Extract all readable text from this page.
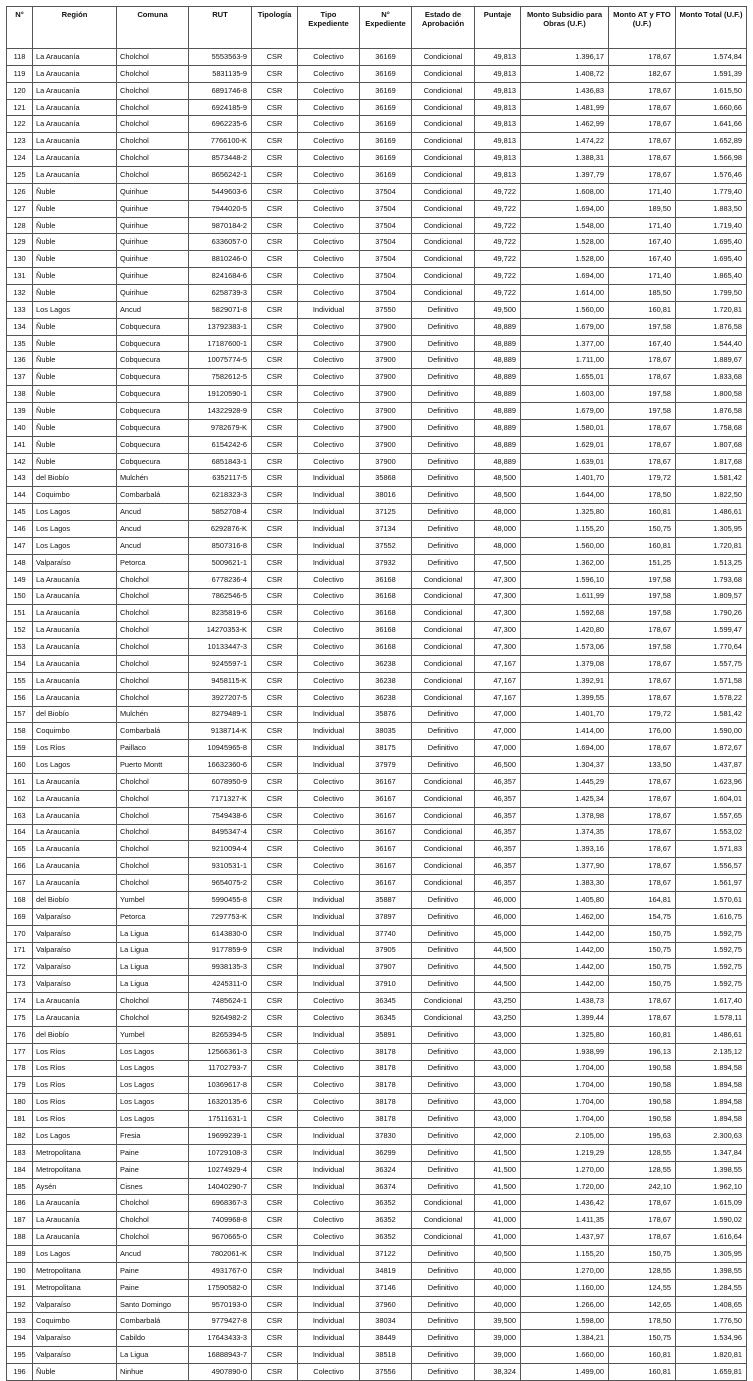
N°	Región	Comuna	RUT	Tipología	Tipo Expediente	N° Expediente	Estado de Aprobación	Puntaje	Monto Subsidio para Obras (U.F.)	Monto AT y FTO (U.F.)	Monto Total (U.F.)
118	La Araucanía	Cholchol	5553563-9	CSR	Colectivo	36169	Condicional	49,813	1.396,17	178,67	1.574,84
119	La Araucanía	Cholchol	5831135-9	CSR	Colectivo	36169	Condicional	49,813	1.408,72	182,67	1.591,39
120	La Araucanía	Cholchol	6891746-8	CSR	Colectivo	36169	Condicional	49,813	1.436,83	178,67	1.615,50
121	La Araucanía	Cholchol	6924185-9	CSR	Colectivo	36169	Condicional	49,813	1.481,99	178,67	1.660,66
122	La Araucanía	Cholchol	6962235-6	CSR	Colectivo	36169	Condicional	49,813	1.462,99	178,67	1.641,66
123	La Araucanía	Cholchol	7766100-K	CSR	Colectivo	36169	Condicional	49,813	1.474,22	178,67	1.652,89
124	La Araucanía	Cholchol	8573448-2	CSR	Colectivo	36169	Condicional	49,813	1.388,31	178,67	1.566,98
125	La Araucanía	Cholchol	8656242-1	CSR	Colectivo	36169	Condicional	49,813	1.397,79	178,67	1.576,46
126	Ñuble	Quirihue	5449603-6	CSR	Colectivo	37504	Condicional	49,722	1.608,00	171,40	1.779,40
127	Ñuble	Quirihue	7944020-5	CSR	Colectivo	37504	Condicional	49,722	1.694,00	189,50	1.883,50
128	Ñuble	Quirihue	9870184-2	CSR	Colectivo	37504	Condicional	49,722	1.548,00	171,40	1.719,40
129	Ñuble	Quirihue	6336057-0	CSR	Colectivo	37504	Condicional	49,722	1.528,00	167,40	1.695,40
130	Ñuble	Quirihue	8810246-0	CSR	Colectivo	37504	Condicional	49,722	1.528,00	167,40	1.695,40
131	Ñuble	Quirihue	8241684-6	CSR	Colectivo	37504	Condicional	49,722	1.694,00	171,40	1.865,40
132	Ñuble	Quirihue	6258739-3	CSR	Colectivo	37504	Condicional	49,722	1.614,00	185,50	1.799,50
133	Los Lagos	Ancud	5829071-8	CSR	Individual	37550	Definitivo	49,500	1.560,00	160,81	1.720,81
134	Ñuble	Cobquecura	13792383-1	CSR	Colectivo	37900	Definitivo	48,889	1.679,00	197,58	1.876,58
135	Ñuble	Cobquecura	17187600-1	CSR	Colectivo	37900	Definitivo	48,889	1.377,00	167,40	1.544,40
136	Ñuble	Cobquecura	10075774-5	CSR	Colectivo	37900	Definitivo	48,889	1.711,00	178,67	1.889,67
137	Ñuble	Cobquecura	7582612-5	CSR	Colectivo	37900	Definitivo	48,889	1.655,01	178,67	1.833,68
138	Ñuble	Cobquecura	19120590-1	CSR	Colectivo	37900	Definitivo	48,889	1.603,00	197,58	1.800,58
139	Ñuble	Cobquecura	14322928-9	CSR	Colectivo	37900	Definitivo	48,889	1.679,00	197,58	1.876,58
140	Ñuble	Cobquecura	9782679-K	CSR	Colectivo	37900	Definitivo	48,889	1.580,01	178,67	1.758,68
141	Ñuble	Cobquecura	6154242-6	CSR	Colectivo	37900	Definitivo	48,889	1.629,01	178,67	1.807,68
142	Ñuble	Cobquecura	6851843-1	CSR	Colectivo	37900	Definitivo	48,889	1.639,01	178,67	1.817,68
143	del Biobío	Mulchén	6352117-5	CSR	Individual	35868	Definitivo	48,500	1.401,70	179,72	1.581,42
144	Coquimbo	Combarbalá	6218323-3	CSR	Individual	38016	Definitivo	48,500	1.644,00	178,50	1.822,50
145	Los Lagos	Ancud	5852708-4	CSR	Individual	37125	Definitivo	48,000	1.325,80	160,81	1.486,61
146	Los Lagos	Ancud	6292876-K	CSR	Individual	37134	Definitivo	48,000	1.155,20	150,75	1.305,95
147	Los Lagos	Ancud	8507316-8	CSR	Individual	37552	Definitivo	48,000	1.560,00	160,81	1.720,81
148	Valparaíso	Petorca	5009621-1	CSR	Individual	37932	Definitivo	47,500	1.362,00	151,25	1.513,25
149	La Araucanía	Cholchol	6778236-4	CSR	Colectivo	36168	Condicional	47,300	1.596,10	197,58	1.793,68
150	La Araucanía	Cholchol	7862546-5	CSR	Colectivo	36168	Condicional	47,300	1.611,99	197,58	1.809,57
151	La Araucanía	Cholchol	8235819-6	CSR	Colectivo	36168	Condicional	47,300	1.592,68	197,58	1.790,26
152	La Araucanía	Cholchol	14270353-K	CSR	Colectivo	36168	Condicional	47,300	1.420,80	178,67	1.599,47
153	La Araucanía	Cholchol	10133447-3	CSR	Colectivo	36168	Condicional	47,300	1.573,06	197,58	1.770,64
154	La Araucanía	Cholchol	9245597-1	CSR	Colectivo	36238	Condicional	47,167	1.379,08	178,67	1.557,75
155	La Araucanía	Cholchol	9458115-K	CSR	Colectivo	36238	Condicional	47,167	1.392,91	178,67	1.571,58
156	La Araucanía	Cholchol	3927207-5	CSR	Colectivo	36238	Condicional	47,167	1.399,55	178,67	1.578,22
157	del Biobío	Mulchén	8279489-1	CSR	Individual	35876	Definitivo	47,000	1.401,70	179,72	1.581,42
158	Coquimbo	Combarbalá	9138714-K	CSR	Individual	38035	Definitivo	47,000	1.414,00	176,00	1.590,00
159	Los Ríos	Paillaco	10945965-8	CSR	Individual	38175	Definitivo	47,000	1.694,00	178,67	1.872,67
160	Los Lagos	Puerto Montt	16632360-6	CSR	Individual	37979	Definitivo	46,500	1.304,37	133,50	1.437,87
161	La Araucanía	Cholchol	6078950-9	CSR	Colectivo	36167	Condicional	46,357	1.445,29	178,67	1.623,96
162	La Araucanía	Cholchol	7171327-K	CSR	Colectivo	36167	Condicional	46,357	1.425,34	178,67	1.604,01
163	La Araucanía	Cholchol	7549438-6	CSR	Colectivo	36167	Condicional	46,357	1.378,98	178,67	1.557,65
164	La Araucanía	Cholchol	8495347-4	CSR	Colectivo	36167	Condicional	46,357	1.374,35	178,67	1.553,02
165	La Araucanía	Cholchol	9210094-4	CSR	Colectivo	36167	Condicional	46,357	1.393,16	178,67	1.571,83
166	La Araucanía	Cholchol	9310531-1	CSR	Colectivo	36167	Condicional	46,357	1.377,90	178,67	1.556,57
167	La Araucanía	Cholchol	9654075-2	CSR	Colectivo	36167	Condicional	46,357	1.383,30	178,67	1.561,97
168	del Biobío	Yumbel	5990455-8	CSR	Individual	35887	Definitivo	46,000	1.405,80	164,81	1.570,61
169	Valparaíso	Petorca	7297753-K	CSR	Individual	37897	Definitivo	46,000	1.462,00	154,75	1.616,75
170	Valparaíso	La Ligua	6143830-0	CSR	Individual	37740	Definitivo	45,000	1.442,00	150,75	1.592,75
171	Valparaíso	La Ligua	9177859-9	CSR	Individual	37905	Definitivo	44,500	1.442,00	150,75	1.592,75
172	Valparaíso	La Ligua	9938135-3	CSR	Individual	37907	Definitivo	44,500	1.442,00	150,75	1.592,75
173	Valparaíso	La Ligua	4245311-0	CSR	Individual	37910	Definitivo	44,500	1.442,00	150,75	1.592,75
174	La Araucanía	Cholchol	7485624-1	CSR	Colectivo	36345	Condicional	43,250	1.438,73	178,67	1.617,40
175	La Araucanía	Cholchol	9264982-2	CSR	Colectivo	36345	Condicional	43,250	1.399,44	178,67	1.578,11
176	del Biobío	Yumbel	8265394-5	CSR	Individual	35891	Definitivo	43,000	1.325,80	160,81	1.486,61
177	Los Ríos	Los Lagos	12566361-3	CSR	Colectivo	38178	Definitivo	43,000	1.938,99	196,13	2.135,12
178	Los Ríos	Los Lagos	11702793-7	CSR	Colectivo	38178	Definitivo	43,000	1.704,00	190,58	1.894,58
179	Los Ríos	Los Lagos	10369617-8	CSR	Colectivo	38178	Definitivo	43,000	1.704,00	190,58	1.894,58
180	Los Ríos	Los Lagos	16320135-6	CSR	Colectivo	38178	Definitivo	43,000	1.704,00	190,58	1.894,58
181	Los Ríos	Los Lagos	17511631-1	CSR	Colectivo	38178	Definitivo	43,000	1.704,00	190,58	1.894,58
182	Los Lagos	Fresia	19699239-1	CSR	Individual	37830	Definitivo	42,000	2.105,00	195,63	2.300,63
183	Metropolitana	Paine	10729108-3	CSR	Individual	36299	Definitivo	41,500	1.219,29	128,55	1.347,84
184	Metropolitana	Paine	10274929-4	CSR	Individual	36324	Definitivo	41,500	1.270,00	128,55	1.398,55
185	Aysén	Cisnes	14040290-7	CSR	Individual	36374	Definitivo	41,500	1.720,00	242,10	1.962,10
186	La Araucanía	Cholchol	6968367-3	CSR	Colectivo	36352	Condicional	41,000	1.436,42	178,67	1.615,09
187	La Araucanía	Cholchol	7409968-8	CSR	Colectivo	36352	Condicional	41,000	1.411,35	178,67	1.590,02
188	La Araucanía	Cholchol	9670665-0	CSR	Colectivo	36352	Condicional	41,000	1.437,97	178,67	1.616,64
189	Los Lagos	Ancud	7802061-K	CSR	Individual	37122	Definitivo	40,500	1.155,20	150,75	1.305,95
190	Metropolitana	Paine	4931767-0	CSR	Individual	34819	Definitivo	40,000	1.270,00	128,55	1.398,55
191	Metropolitana	Paine	17590582-0	CSR	Individual	37146	Definitivo	40,000	1.160,00	124,55	1.284,55
192	Valparaíso	Santo Domingo	9570193-0	CSR	Individual	37960	Definitivo	40,000	1.266,00	142,65	1.408,65
193	Coquimbo	Combarbalá	9779427-8	CSR	Individual	38034	Definitivo	39,500	1.598,00	178,50	1.776,50
194	Valparaíso	Cabildo	17643433-3	CSR	Individual	38449	Definitivo	39,000	1.384,21	150,75	1.534,96
195	Valparaíso	La Ligua	16888943-7	CSR	Individual	38518	Definitivo	39,000	1.660,00	160,81	1.820,81
196	Ñuble	Ninhue	4907890-0	CSR	Colectivo	37556	Definitivo	38,324	1.499,00	160,81	1.659,81
